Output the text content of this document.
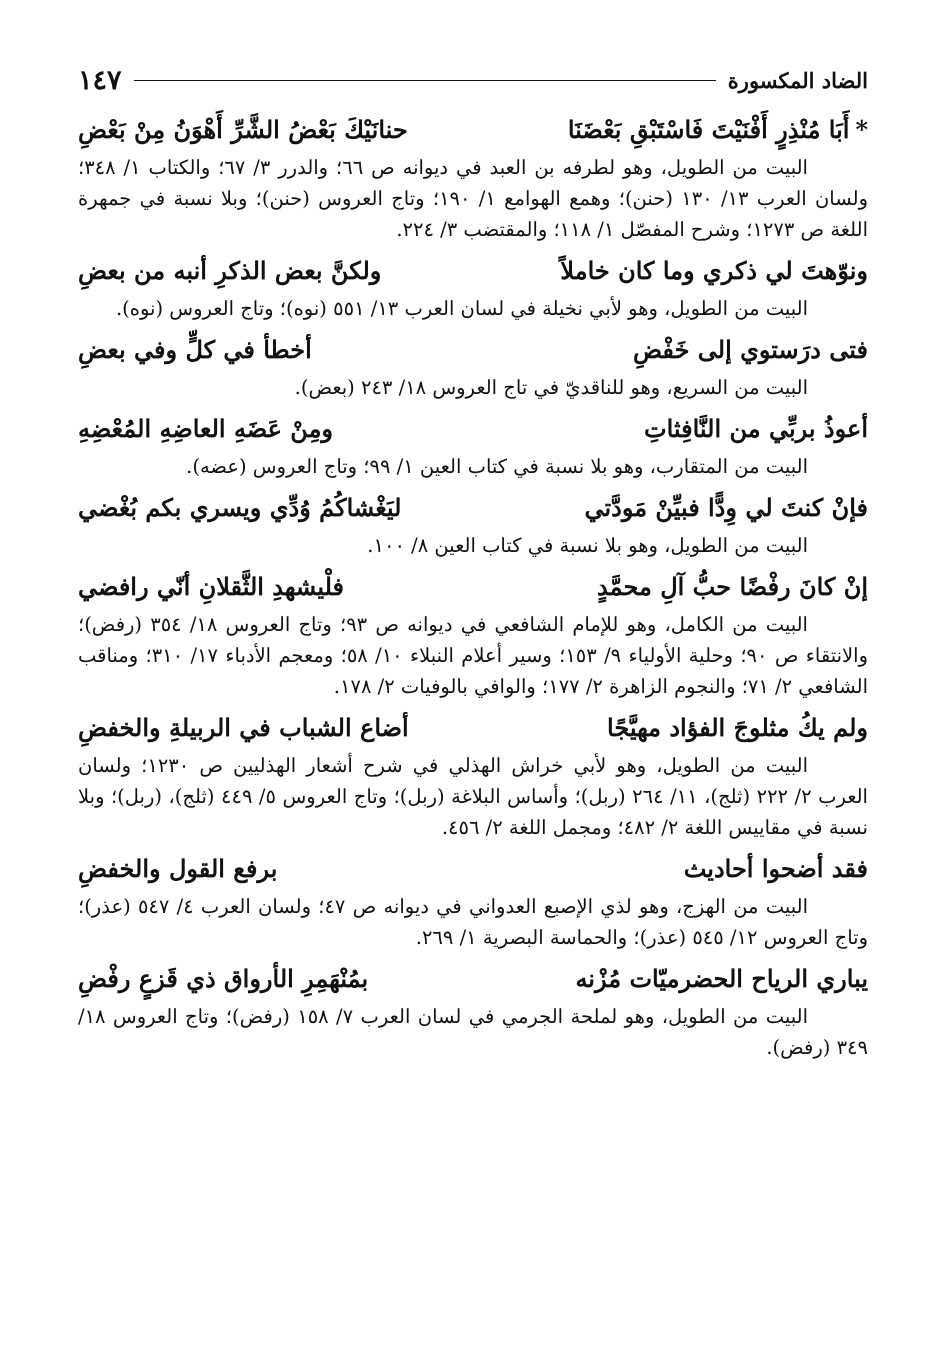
الضاد المكسورة
١٤٧
*أَبَا مُنْذِرٍ أَفْنَيْتَ فَاسْتَبْقِ بَعْضَنَا
حنانَيْكَ بَعْضُ الشَّرِّ أَهْوَنُ مِنْ بَعْضِ

البيت من الطويل، وهو لطرفه بن العبد في ديوانه ص ٦٦؛ والدرر ٣/ ٦٧؛ والكتاب ١/ ٣٤٨؛ ولسان العرب ١٣/ ١٣٠ (حنن)؛ وهمع الهوامع ١/ ١٩٠؛ وتاج العروس (حنن)؛ وبلا نسبة في جمهرة اللغة ص ١٢٧٣؛ وشرح المفصّل ١/ ١١٨؛ والمقتضب ٣/ ٢٢٤.

ونوّهتَ لي ذكري وما كان خاملاً
ولكنَّ بعض الذكرِ أنبه من بعضِ

البيت من الطويل، وهو لأبي نخيلة في لسان العرب ١٣/ ٥٥١ (نوه)؛ وتاج العروس (نوه).

فتى درَستوي إلى خَفْضِ
أخطأ في كلٍّ وفي بعضِ

البيت من السريع، وهو للناقديّ في تاج العروس ١٨/ ٢٤٣ (بعض).

أعوذُ بربِّي من النَّافِثاتِ
ومِنْ عَضَهِ العاضِهِ المُعْضِهِ

البيت من المتقارب، وهو بلا نسبة في كتاب العين ١/ ٩٩؛ وتاج العروس (عضه).

فإنْ كنتَ لي وِدًّا فبيِّنْ مَودَّتي
ليَغْشاكُمُ وُدِّي ويسري بكم بُغْضي

البيت من الطويل، وهو بلا نسبة في كتاب العين ٨/ ١٠٠.

إنْ كانَ رفْضًا حبُّ آلِ محمَّدٍ
فلْيشهدِ الثَّقلانِ أنّي رافضي

البيت من الكامل، وهو للإمام الشافعي في ديوانه ص ٩٣؛ وتاج العروس ١٨/ ٣٥٤ (رفض)؛ والانتقاء ص ٩٠؛ وحلية الأولياء ٩/ ١٥٣؛ وسير أعلام النبلاء ١٠/ ٥٨؛ ومعجم الأدباء ١٧/ ٣١٠؛ ومناقب الشافعي ٢/ ٧١؛ والنجوم الزاهرة ٢/ ١٧٧؛ والوافي بالوفيات ٢/ ١٧٨.

ولم يكُ مثلوجَ الفؤاد مهيَّجًا
أضاع الشباب في الربيلةِ والخفضِ

البيت من الطويل، وهو لأبي خراش الهذلي في شرح أشعار الهذليين ص ١٢٣٠؛ ولسان العرب ٢/ ٢٢٢ (ثلج)، ١١/ ٢٦٤ (ربل)؛ وأساس البلاغة (ربل)؛ وتاج العروس ٥/ ٤٤٩ (ثلج)، (ربل)؛ وبلا نسبة في مقاييس اللغة ٢/ ٤٨٢؛ ومجمل اللغة ٢/ ٤٥٦.

فقد أضحوا أحاديث
برفع القول والخفضِ

البيت من الهزج، وهو لذي الإصبع العدواني في ديوانه ص ٤٧؛ ولسان العرب ٤/ ٥٤٧ (عذر)؛ وتاج العروس ١٢/ ٥٤٥ (عذر)؛ والحماسة البصرية ١/ ٢٦٩.

يباري الرياح الحضرميّات مُزْنه
بمُنْهَمِرِ الأرواق ذي قَزعٍ رفْضِ

البيت من الطويل، وهو لملحة الجرمي في لسان العرب ٧/ ١٥٨ (رفض)؛ وتاج العروس ١٨/ ٣٤٩ (رفض).
